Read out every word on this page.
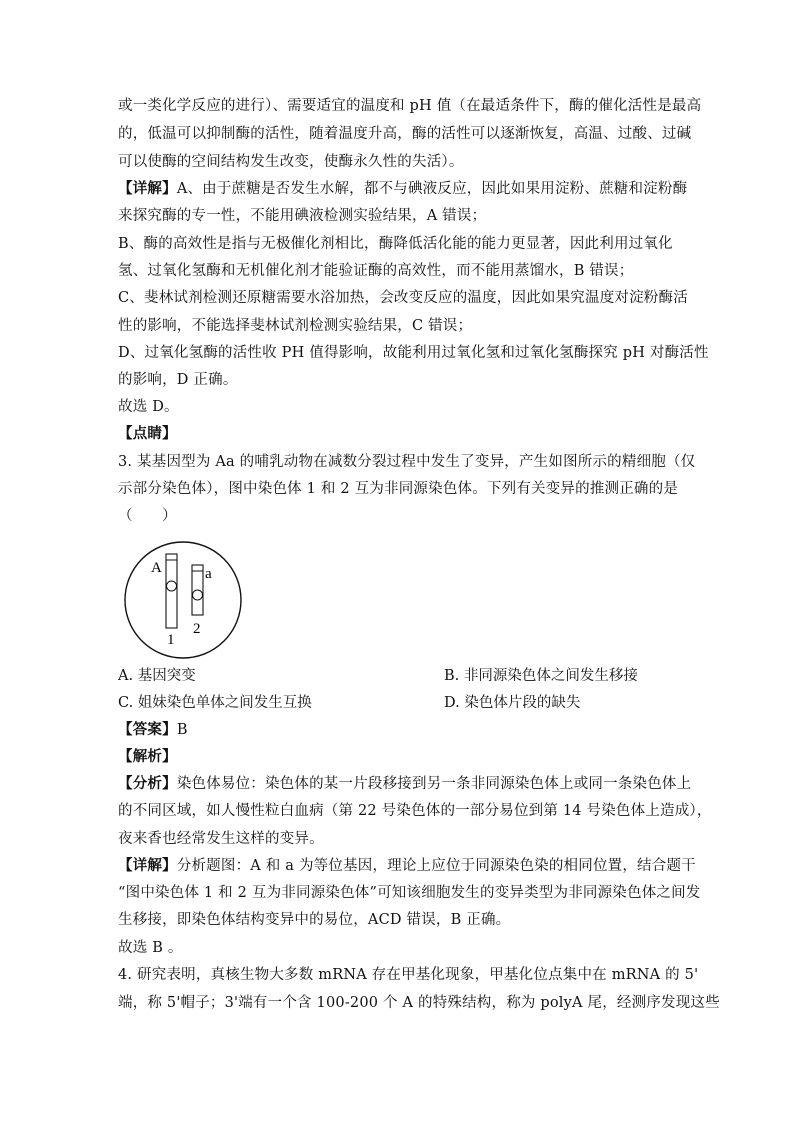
或一类化学反应的进行）、需要适宜的温度和 pH 值（在最适条件下，酶的催化活性是最高
的，低温可以抑制酶的活性，随着温度升高，酶的活性可以逐渐恢复，高温、过酸、过碱
可以使酶的空间结构发生改变，使酶永久性的失活）。
【详解】A、由于蔗糖是否发生水解，都不与碘液反应，因此如果用淀粉、蔗糖和淀粉酶
来探究酶的专一性，不能用碘液检测实验结果，A 错误；
B、酶的高效性是指与无极催化剂相比，酶降低活化能的能力更显著，因此利用过氧化
氢、过氧化氢酶和无机催化剂才能验证酶的高效性，而不能用蒸馏水，B 错误；
C、斐林试剂检测还原糖需要水浴加热，会改变反应的温度，因此如果究温度对淀粉酶活
性的影响，不能选择斐林试剂检测实验结果，C 错误；
D、过氧化氢酶的活性收 PH 值得影响，故能利用过氧化氢和过氧化氢酶探究 pH 对酶活性
的影响，D 正确。
故选 D。
【点睛】
3. 某基因型为 Aa 的哺乳动物在减数分裂过程中发生了变异，产生如图所示的精细胞（仅
示部分染色体），图中染色体 1 和 2 互为非同源染色体。下列有关变异的推测正确的是
（　　）
A	a
1
2
A. 基因突变	B. 非同源染色体之间发生移接
C. 姐妹染色单体之间发生互换	D. 染色体片段的缺失
【答案】B
【解析】
【分析】染色体易位：染色体的某一片段移接到另一条非同源染色体上或同一条染色体上
的不同区域，如人慢性粒白血病（第 22 号染色体的一部分易位到第 14 号染色体上造成），
夜来香也经常发生这样的变异。
【详解】分析题图：A 和 a 为等位基因，理论上应位于同源染色染的相同位置，结合题干
“图中染色体 1 和 2 互为非同源染色体”可知该细胞发生的变异类型为非同源染色体之间发
生移接，即染色体结构变异中的易位，ACD 错误，B 正确。
故选 B 。
4. 研究表明，真核生物大多数 mRNA 存在甲基化现象，甲基化位点集中在 mRNA 的 5'
端，称 5'帽子；3'端有一个含 100-200 个 A 的特殊结构，称为 polyA 尾，经测序发现这些
